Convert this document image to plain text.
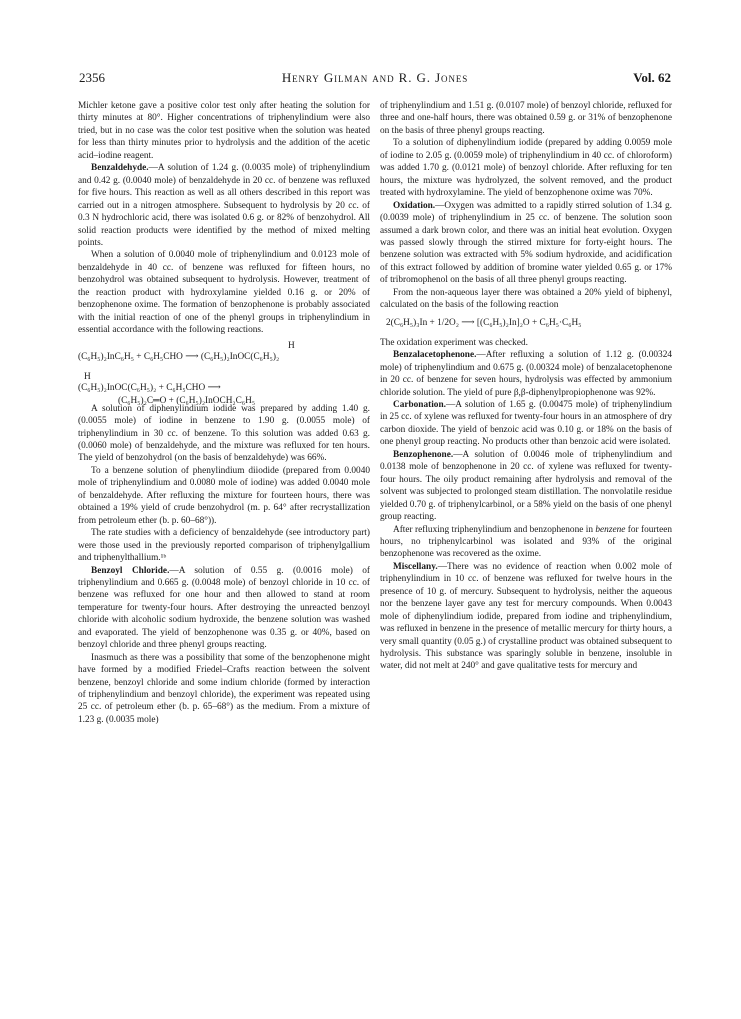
2356	Henry Gilman and R. G. Jones	Vol. 62

Michler ketone gave a positive color test only after heating the solution for thirty minutes at 80°. Higher concentrations of triphenylindium were also tried, but in no case was the color test positive when the solution was heated for less than thirty minutes prior to hydrolysis and the addition of the acetic acid–iodine reagent.

Benzaldehyde.—A solution of 1.24 g. (0.0035 mole) of triphenylindium and 0.42 g. (0.0040 mole) of benzaldehyde in 20 cc. of benzene was refluxed for five hours. This reaction as well as all others described in this report was carried out in a nitrogen atmosphere. Subsequent to hydrolysis by 20 cc. of 0.3 N hydrochloric acid, there was isolated 0.6 g. or 82% of benzohydrol. All solid reaction products were identified by the method of mixed melting points.

When a solution of 0.0040 mole of triphenylindium and 0.0123 mole of benzaldehyde in 40 cc. of benzene was refluxed for fifteen hours, no benzohydrol was obtained subsequent to hydrolysis. However, treatment of the reaction product with hydroxylamine yielded 0.16 g. or 20% of benzophenone oxime. The formation of benzophenone is probably associated with the initial reaction of one of the phenyl groups in triphenylindium in essential accordance with the following reactions.

H
(C₆H₅)₂InC₆H₅ + C₆H₅CHO ⟶ (C₆H₅)₂InOC(C₆H₅)₂
H
(C₆H₅)₂InOC(C₆H₅)₂ + C₆H₅CHO ⟶
(C₆H₅)₂C═O + (C₆H₅)₂InOCH₂C₆H₅

A solution of diphenylindium iodide was prepared by adding 1.40 g. (0.0055 mole) of iodine in benzene to 1.90 g. (0.0055 mole) of triphenylindium in 30 cc. of benzene. To this solution was added 0.63 g. (0.0060 mole) of benzaldehyde, and the mixture was refluxed for ten hours. The yield of benzohydrol (on the basis of benzaldehyde) was 66%.

To a benzene solution of phenylindium diiodide (prepared from 0.0040 mole of triphenylindium and 0.0080 mole of iodine) was added 0.0040 mole of benzaldehyde. After refluxing the mixture for fourteen hours, there was obtained a 19% yield of crude benzohydrol (m. p. 64° after recrystallization from petroleum ether (b. p. 60–68°)).

The rate studies with a deficiency of benzaldehyde (see introductory part) were those used in the previously reported comparison of triphenylgallium and triphenylthallium.¹ᵇ

Benzoyl Chloride.—A solution of 0.55 g. (0.0016 mole) of triphenylindium and 0.665 g. (0.0048 mole) of benzoyl chloride in 10 cc. of benzene was refluxed for one hour and then allowed to stand at room temperature for twenty-four hours. After destroying the unreacted benzoyl chloride with alcoholic sodium hydroxide, the benzene solution was washed and evaporated. The yield of benzophenone was 0.35 g. or 40%, based on benzoyl chloride and three phenyl groups reacting.

Inasmuch as there was a possibility that some of the benzophenone might have formed by a modified Friedel–Crafts reaction between the solvent benzene, benzoyl chloride and some indium chloride (formed by interaction of triphenylindium and benzoyl chloride), the experiment was repeated using 25 cc. of petroleum ether (b. p. 65–68°) as the medium. From a mixture of 1.23 g. (0.0035 mole)

of triphenylindium and 1.51 g. (0.0107 mole) of benzoyl chloride, refluxed for three and one-half hours, there was obtained 0.59 g. or 31% of benzophenone on the basis of three phenyl groups reacting.

To a solution of diphenylindium iodide (prepared by adding 0.0059 mole of iodine to 2.05 g. (0.0059 mole) of triphenylindium in 40 cc. of chloroform) was added 1.70 g. (0.0121 mole) of benzoyl chloride. After refluxing for ten hours, the mixture was hydrolyzed, the solvent removed, and the product treated with hydroxylamine. The yield of benzophenone oxime was 70%.

Oxidation.—Oxygen was admitted to a rapidly stirred solution of 1.34 g. (0.0039 mole) of triphenylindium in 25 cc. of benzene. The solution soon assumed a dark brown color, and there was an initial heat evolution. Oxygen was passed slowly through the stirred mixture for forty-eight hours. The benzene solution was extracted with 5% sodium hydroxide, and acidification of this extract followed by addition of bromine water yielded 0.65 g. or 17% of tribromophenol on the basis of all three phenyl groups reacting.

From the non-aqueous layer there was obtained a 20% yield of biphenyl, calculated on the basis of the following reaction

2(C₆H₅)₃In + 1/2O₂ ⟶ [(C₆H₅)₂In]₂O + C₆H₅·C₆H₅

The oxidation experiment was checked.

Benzalacetophenone.—After refluxing a solution of 1.12 g. (0.00324 mole) of triphenylindium and 0.675 g. (0.00324 mole) of benzalacetophenone in 20 cc. of benzene for seven hours, hydrolysis was effected by ammonium chloride solution. The yield of pure β,β-diphenylpropiophenone was 92%.

Carbonation.—A solution of 1.65 g. (0.00475 mole) of triphenylindium in 25 cc. of xylene was refluxed for twenty-four hours in an atmosphere of dry carbon dioxide. The yield of benzoic acid was 0.10 g. or 18% on the basis of one phenyl group reacting. No products other than benzoic acid were isolated.

Benzophenone.—A solution of 0.0046 mole of triphenylindium and 0.0138 mole of benzophenone in 20 cc. of xylene was refluxed for twenty-four hours. The oily product remaining after hydrolysis and removal of the solvent was subjected to prolonged steam distillation. The nonvolatile residue yielded 0.70 g. of triphenylcarbinol, or a 58% yield on the basis of one phenyl group reacting.

After refluxing triphenylindium and benzophenone in benzene for fourteen hours, no triphenylcarbinol was isolated and 93% of the original benzophenone was recovered as the oxime.

Miscellany.—There was no evidence of reaction when 0.002 mole of triphenylindium in 10 cc. of benzene was refluxed for twelve hours in the presence of 10 g. of mercury. Subsequent to hydrolysis, neither the aqueous nor the benzene layer gave any test for mercury compounds. When 0.0043 mole of diphenylindium iodide, prepared from iodine and triphenylindium, was refluxed in benzene in the presence of metallic mercury for thirty hours, a very small quantity (0.05 g.) of crystalline product was obtained subsequent to hydrolysis. This substance was sparingly soluble in benzene, insoluble in water, did not melt at 240° and gave qualitative tests for mercury and
